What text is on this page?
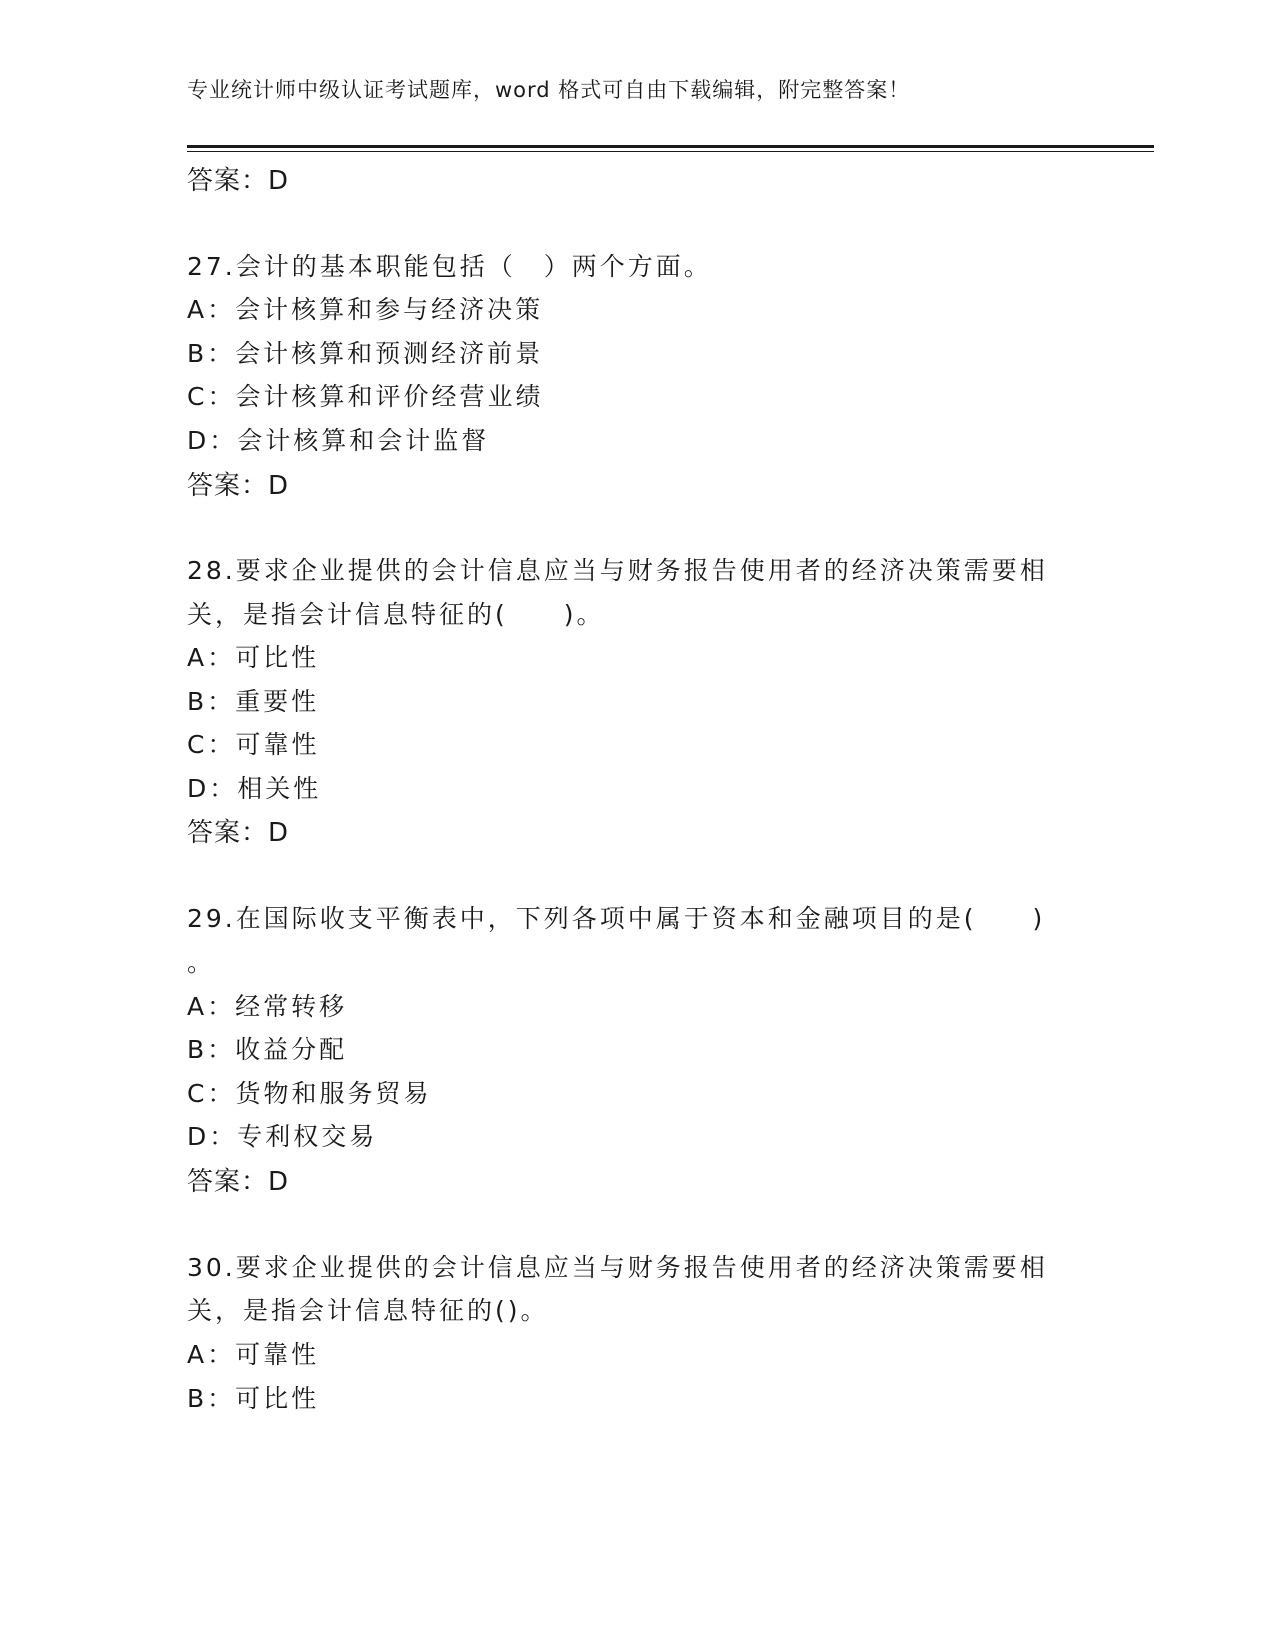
专业统计师中级认证考试题库，word 格式可自由下载编辑，附完整答案！
答案：D
27.会计的基本职能包括（　）两个方面。
A：会计核算和参与经济决策
B：会计核算和预测经济前景
C：会计核算和评价经营业绩
D：会计核算和会计监督
答案：D
28.要求企业提供的会计信息应当与财务报告使用者的经济决策需要相
关，是指会计信息特征的(　　)。
A：可比性
B：重要性
C：可靠性
D：相关性
答案：D
29.在国际收支平衡表中，下列各项中属于资本和金融项目的是(　　)
。
A：经常转移
B：收益分配
C：货物和服务贸易
D：专利权交易
答案：D
30.要求企业提供的会计信息应当与财务报告使用者的经济决策需要相
关，是指会计信息特征的()。
A：可靠性
B：可比性
